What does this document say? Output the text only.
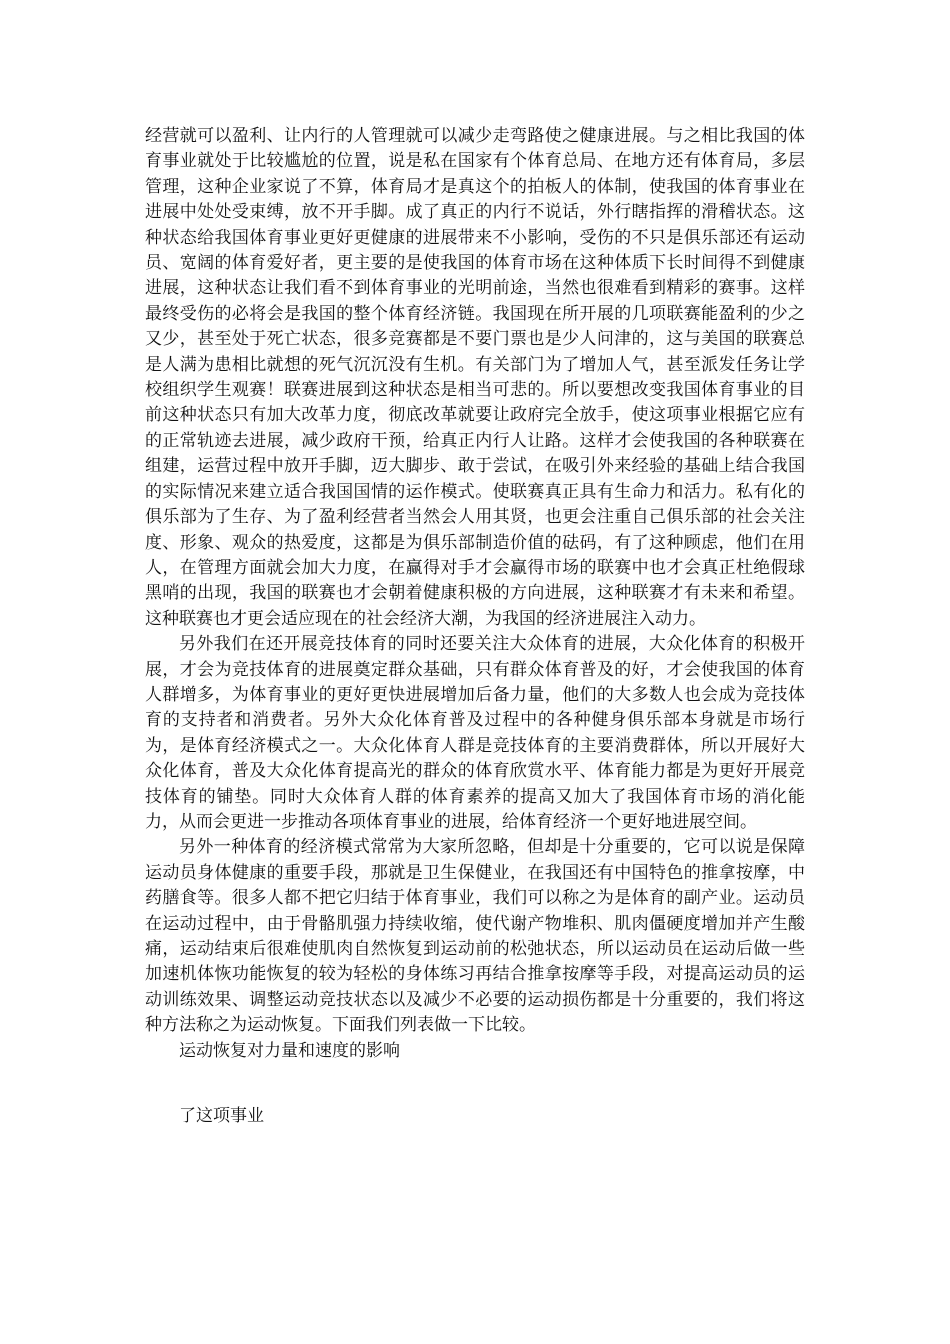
经营就可以盈利、让内行的人管理就可以减少走弯路使之健康进展。与之相比我国的体育事业就处于比较尴尬的位置，说是私在国家有个体育总局、在地方还有体育局，多层管理，这种企业家说了不算，体育局才是真这个的拍板人的体制，使我国的体育事业在进展中处处受束缚，放不开手脚。成了真正的内行不说话，外行瞎指挥的滑稽状态。这种状态给我国体育事业更好更健康的进展带来不小影响，受伤的不只是俱乐部还有运动员、宽阔的体育爱好者，更主要的是使我国的体育市场在这种体质下长时间得不到健康进展，这种状态让我们看不到体育事业的光明前途，当然也很难看到精彩的赛事。这样最终受伤的必将会是我国的整个体育经济链。我国现在所开展的几项联赛能盈利的少之又少，甚至处于死亡状态，很多竞赛都是不要门票也是少人问津的，这与美国的联赛总是人满为患相比就想的死气沉沉没有生机。有关部门为了增加人气，甚至派发任务让学校组织学生观赛！联赛进展到这种状态是相当可悲的。所以要想改变我国体育事业的目前这种状态只有加大改革力度，彻底改革就要让政府完全放手，使这项事业根据它应有的正常轨迹去进展，减少政府干预，给真正内行人让路。这样才会使我国的各种联赛在组建，运营过程中放开手脚，迈大脚步、敢于尝试，在吸引外来经验的基础上结合我国的实际情况来建立适合我国国情的运作模式。使联赛真正具有生命力和活力。私有化的俱乐部为了生存、为了盈利经营者当然会人用其贤，也更会注重自己俱乐部的社会关注度、形象、观众的热爱度，这都是为俱乐部制造价值的砝码，有了这种顾虑，他们在用人，在管理方面就会加大力度，在赢得对手才会赢得市场的联赛中也才会真正杜绝假球黑哨的出现，我国的联赛也才会朝着健康积极的方向进展，这种联赛才有未来和希望。这种联赛也才更会适应现在的社会经济大潮，为我国的经济进展注入动力。

另外我们在还开展竞技体育的同时还要关注大众体育的进展，大众化体育的积极开展，才会为竞技体育的进展奠定群众基础，只有群众体育普及的好，才会使我国的体育人群增多，为体育事业的更好更快进展增加后备力量，他们的大多数人也会成为竞技体育的支持者和消费者。另外大众化体育普及过程中的各种健身俱乐部本身就是市场行为，是体育经济模式之一。大众化体育人群是竞技体育的主要消费群体，所以开展好大众化体育，普及大众化体育提高光的群众的体育欣赏水平、体育能力都是为更好开展竞技体育的铺垫。同时大众体育人群的体育素养的提高又加大了我国体育市场的消化能力，从而会更进一步推动各项体育事业的进展，给体育经济一个更好地进展空间。

另外一种体育的经济模式常常为大家所忽略，但却是十分重要的，它可以说是保障运动员身体健康的重要手段，那就是卫生保健业，在我国还有中国特色的推拿按摩，中药膳食等。很多人都不把它归结于体育事业，我们可以称之为是体育的副产业。运动员在运动过程中，由于骨骼肌强力持续收缩，使代谢产物堆积、肌肉僵硬度增加并产生酸痛，运动结束后很难使肌肉自然恢复到运动前的松弛状态，所以运动员在运动后做一些加速机体恢功能恢复的较为轻松的身体练习再结合推拿按摩等手段，对提高运动员的运动训练效果、调整运动竞技状态以及减少不必要的运动损伤都是十分重要的，我们将这种方法称之为运动恢复。下面我们列表做一下比较。

运动恢复对力量和速度的影响

了这项事业
